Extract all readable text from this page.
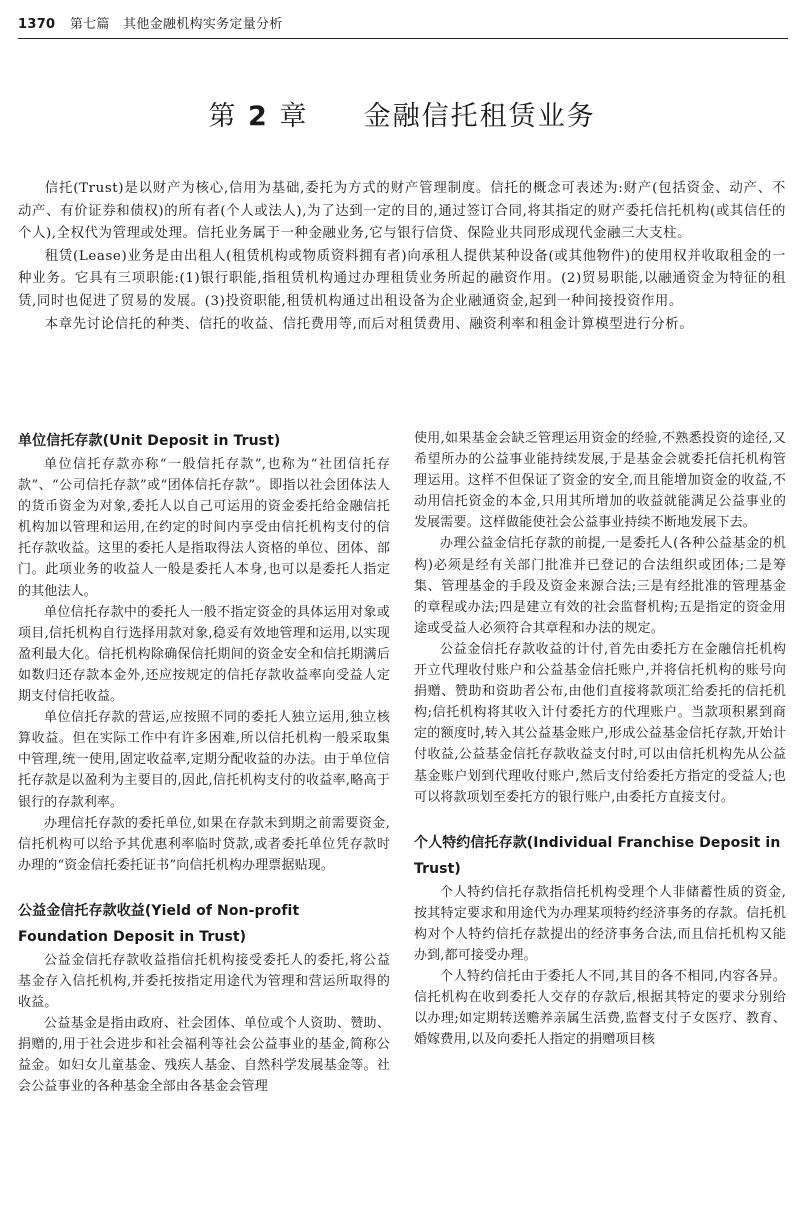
1370 第七篇　其他金融机构实务定量分析
第 2 章 金融信托租赁业务

信托(Trust)是以财产为核心,信用为基础,委托为方式的财产管理制度。信托的概念可表述为:财产(包括资金、动产、不动产、有价证券和债权)的所有者(个人或法人),为了达到一定的目的,通过签订合同,将其指定的财产委托信托机构(或其信任的个人),全权代为管理或处理。信托业务属于一种金融业务,它与银行信贷、保险业共同形成现代金融三大支柱。

租赁(Lease)业务是由出租人(租赁机构或物质资料拥有者)向承租人提供某种设备(或其他物件)的使用权并收取租金的一种业务。它具有三项职能:(1)银行职能,指租赁机构通过办理租赁业务所起的融资作用。(2)贸易职能,以融通资金为特征的租赁,同时也促进了贸易的发展。(3)投资职能,租赁机构通过出租设备为企业融通资金,起到一种间接投资作用。

本章先讨论信托的种类、信托的收益、信托费用等,而后对租赁费用、融资利率和租金计算模型进行分析。

单位信托存款(Unit Deposit in Trust)

单位信托存款亦称“一般信托存款”,也称为“社团信托存款”、“公司信托存款”或“团体信托存款”。即指以社会团体法人的货币资金为对象,委托人以自己可运用的资金委托给金融信托机构加以管理和运用,在约定的时间内享受由信托机构支付的信托存款收益。这里的委托人是指取得法人资格的单位、团体、部门。此项业务的收益人一般是委托人本身,也可以是委托人指定的其他法人。

单位信托存款中的委托人一般不指定资金的具体运用对象或项目,信托机构自行选择用款对象,稳妥有效地管理和运用,以实现盈利最大化。信托机构除确保信托期间的资金安全和信托期满后如数归还存款本金外,还应按规定的信托存款收益率向受益人定期支付信托收益。

单位信托存款的营运,应按照不同的委托人独立运用,独立核算收益。但在实际工作中有许多困难,所以信托机构一般采取集中管理,统一使用,固定收益率,定期分配收益的办法。由于单位信托存款是以盈利为主要目的,因此,信托机构支付的收益率,略高于银行的存款利率。

办理信托存款的委托单位,如果在存款未到期之前需要资金,信托机构可以给予其优惠利率临时贷款,或者委托单位凭存款时办理的“资金信托委托证书”向信托机构办理票据贴现。

公益金信托存款收益(Yield of Non-profit Foundation Deposit in Trust)

公益金信托存款收益指信托机构接受委托人的委托,将公益基金存入信托机构,并委托按指定用途代为管理和营运所取得的收益。

公益基金是指由政府、社会团体、单位或个人资助、赞助、捐赠的,用于社会进步和社会福利等社会公益事业的基金,简称公益金。如妇女儿童基金、残疾人基金、自然科学发展基金等。社会公益事业的各种基金全部由各基金会管理

使用,如果基金会缺乏管理运用资金的经验,不熟悉投资的途径,又希望所办的公益事业能持续发展,于是基金会就委托信托机构管理运用。这样不但保证了资金的安全,而且能增加资金的收益,不动用信托资金的本金,只用其所增加的收益就能满足公益事业的发展需要。这样做能使社会公益事业持续不断地发展下去。

办理公益金信托存款的前提,一是委托人(各种公益基金的机构)必须是经有关部门批准并已登记的合法组织或团体;二是筹集、管理基金的手段及资金来源合法;三是有经批准的管理基金的章程或办法;四是建立有效的社会监督机构;五是指定的资金用途或受益人必须符合其章程和办法的规定。

公益金信托存款收益的计付,首先由委托方在金融信托机构开立代理收付账户和公益基金信托账户,并将信托机构的账号向捐赠、赞助和资助者公布,由他们直接将款项汇给委托的信托机构;信托机构将其收入计付委托方的代理账户。当款项积累到商定的额度时,转入其公益基金账户,形成公益基金信托存款,开始计付收益,公益基金信托存款收益支付时,可以由信托机构先从公益基金账户划到代理收付账户,然后支付给委托方指定的受益人;也可以将款项划至委托方的银行账户,由委托方直接支付。

个人特约信托存款(Individual Franchise Deposit in Trust)

个人特约信托存款指信托机构受理个人非储蓄性质的资金,按其特定要求和用途代为办理某项特约经济事务的存款。信托机构对个人特约信托存款提出的经济事务合法,而且信托机构又能办到,都可接受办理。

个人特约信托由于委托人不同,其目的各不相同,内容各异。信托机构在收到委托人交存的存款后,根据其特定的要求分别给以办理;如定期转送赡养亲属生活费,监督支付子女医疗、教育、婚嫁费用,以及向委托人指定的捐赠项目核
